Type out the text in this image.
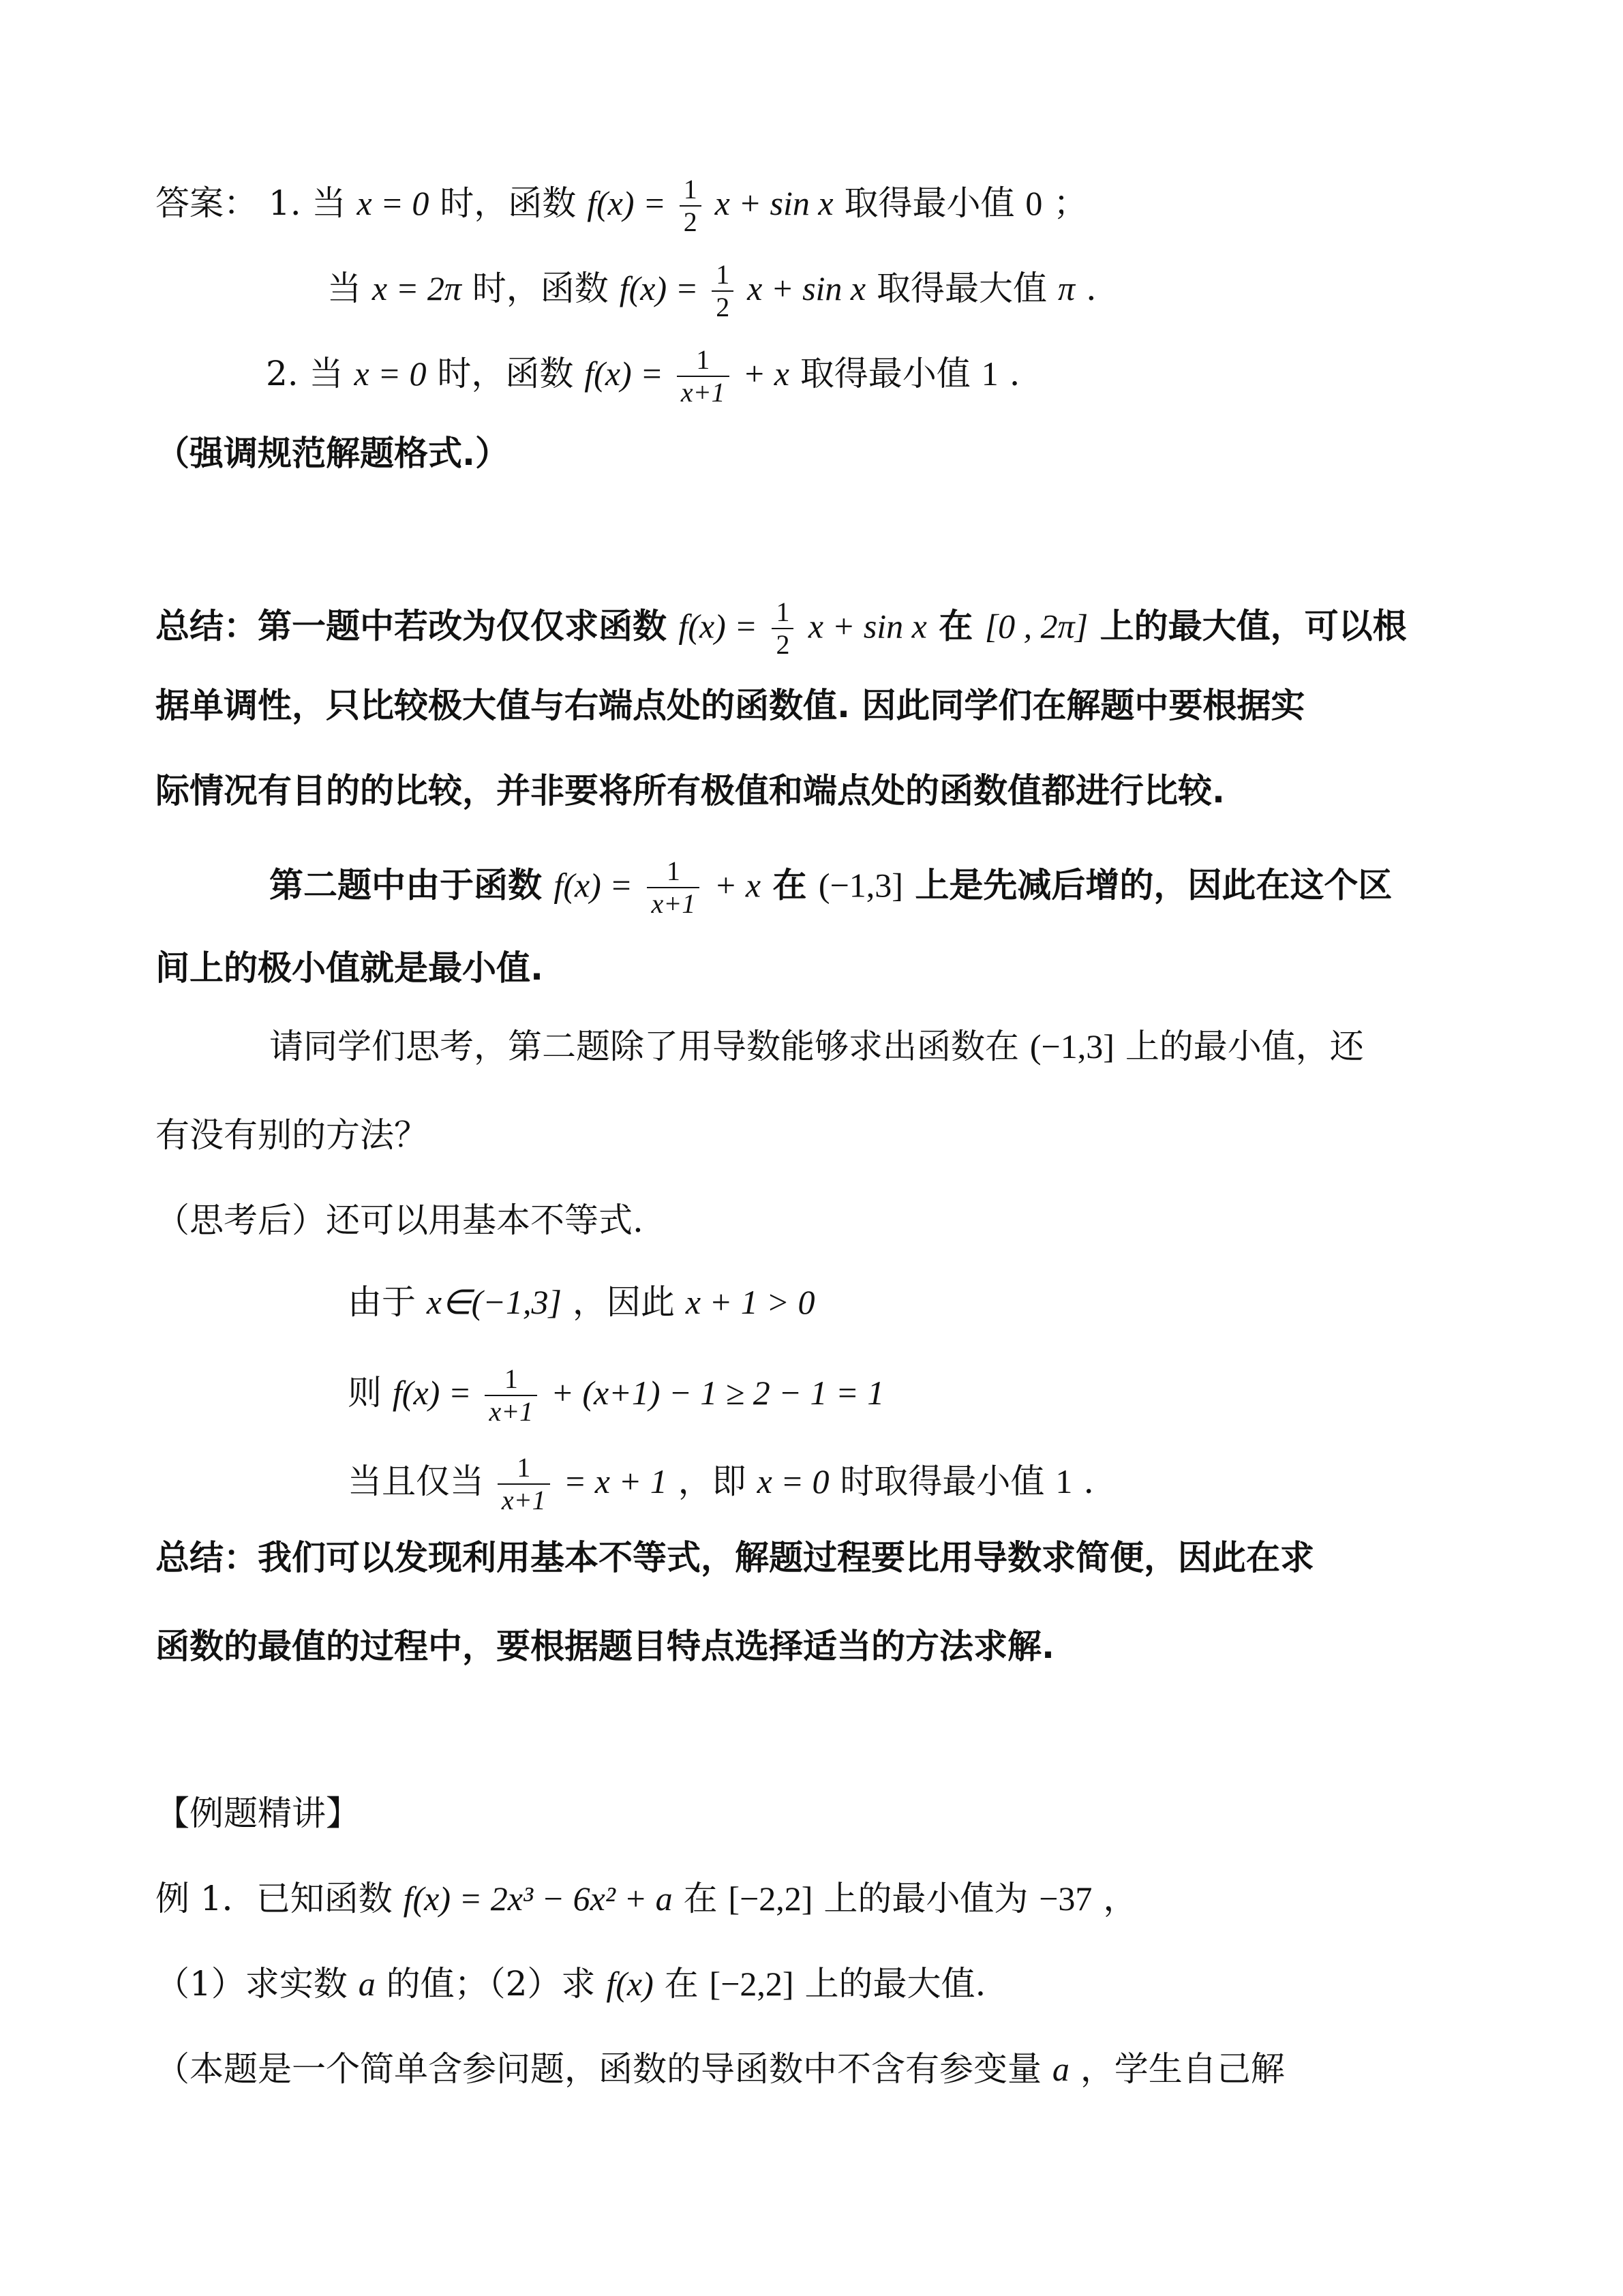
答案： 1. 当 x = 0 时，函数 $f(x) = \frac{1}{2}$ x + sin x 取得最小值 0 ；
当 x = 2π 时，函数 $f(x) = \frac{1}{2}$ x + sin x 取得最大值 π .
2. 当 x = 0 时，函数 $f(x) = \frac{1}{x+1} + x$ 取得最小值 1 .
（强调规范解题格式.）
总结：第一题中若改为仅仅求函数 $f(x) = \frac{1}{2}$ x + sin x 在 [0 , 2π] 上的最大值，可以根
据单调性，只比较极大值与右端点处的函数值. 因此同学们在解题中要根据实
际情况有目的的比较，并非要将所有极值和端点处的函数值都进行比较.
第二题中由于函数 $f(x) = \frac{1}{x+1} + x$ 在 (−1,3] 上是先减后增的，因此在这个区
间上的极小值就是最小值.
请同学们思考，第二题除了用导数能够求出函数在 (−1,3] 上的最小值，还
有没有别的方法？
（思考后）还可以用基本不等式.
由于 x∈(−1,3] ，因此 x + 1 > 0
则 $f(x) = \frac{1}{x+1} + (x+1) - 1 \ge 2 - 1 = 1$
当且仅当 $\frac{1}{x+1} = x + 1$ ，即 x = 0 时取得最小值 1 .
总结：我们可以发现利用基本不等式，解题过程要比用导数求简便，因此在求
函数的最值的过程中，要根据题目特点选择适当的方法求解.
【例题精讲】
例 1．已知函数 f(x) = 2x³ − 6x² + a 在 [−2,2] 上的最小值为 −37 ，
（1）求实数 a 的值；（2）求 f(x) 在 [−2,2] 上的最大值.
（本题是一个简单含参问题，函数的导函数中不含有参变量 a ，学生自己解
